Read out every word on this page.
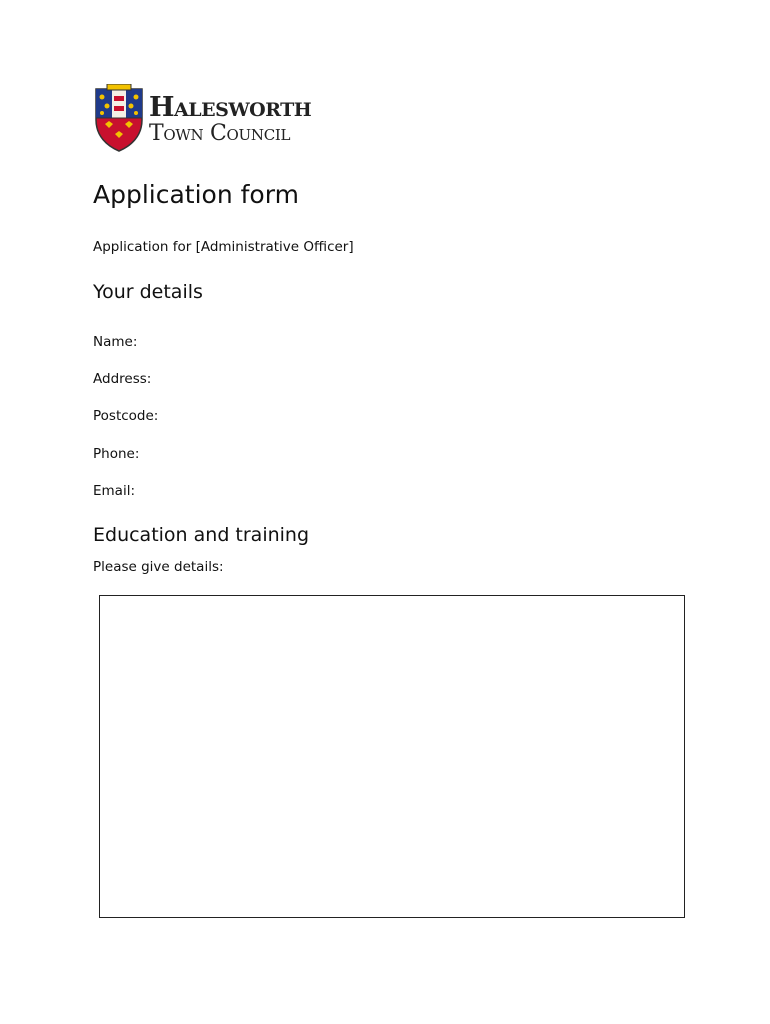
Halesworth
Town Council
Application form

Application for [Administrative Officer]

Your details

Name:

Address:

Postcode:

Phone:

Email:

Education and training

Please give details:
